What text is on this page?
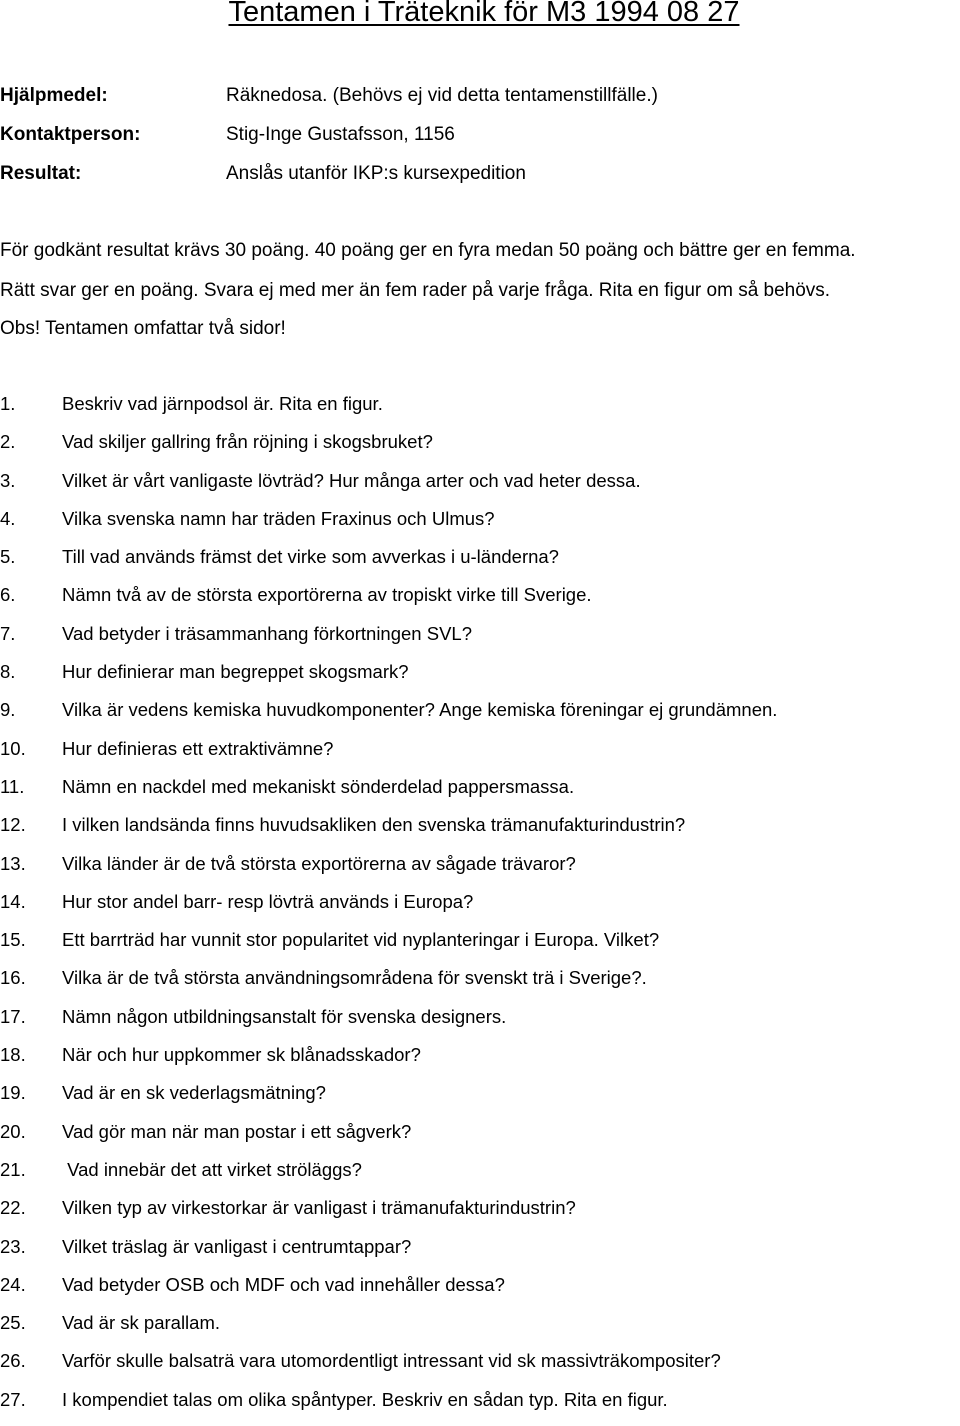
Tentamen i Träteknik för M3 1994 08 27
Hjälpmedel:	Räknedosa. (Behövs ej vid detta tentamenstillfälle.)
Kontaktperson:	Stig-Inge Gustafsson, 1156
Resultat:	Anslås utanför IKP:s kursexpedition
För godkänt resultat krävs 30 poäng. 40 poäng ger en fyra medan 50 poäng och bättre ger en femma.
Rätt svar ger en poäng. Svara ej med mer än fem rader på varje fråga. Rita en figur om så behövs.
Obs! Tentamen omfattar två sidor!
1.	Beskriv vad järnpodsol är. Rita en figur.
2.	Vad skiljer gallring från röjning i skogsbruket?
3.	Vilket är vårt vanligaste lövträd? Hur många arter och vad heter dessa.
4.	Vilka svenska namn har träden Fraxinus och Ulmus?
5.	Till vad används främst det virke som avverkas i u-länderna?
6.	Nämn två av de största exportörerna av tropiskt virke till Sverige.
7.	Vad betyder i träsammanhang förkortningen SVL?
8.	Hur definierar man begreppet skogsmark?
9.	Vilka är vedens kemiska huvudkomponenter? Ange kemiska föreningar ej grundämnen.
10. Hur definieras ett extraktivämne?
11. Nämn en nackdel med mekaniskt sönderdelad pappersmassa.
12. I vilken landsända finns huvudsakliken den svenska trämanufakturindustrin?
13. Vilka länder är de två största exportörerna av sågade trävaror?
14. Hur stor andel barr- resp lövträ används i Europa?
15. Ett barrträd har vunnit stor popularitet vid nyplanteringar i Europa. Vilket?
16. Vilka är de två största användningsområdena för svenskt trä i Sverige?.
17. Nämn någon utbildningsanstalt för svenska designers.
18. När och hur uppkommer sk blånadsskador?
19. Vad är en sk vederlagsmätning?
20. Vad gör man när man postar i ett sågverk?
21. Vad innebär det att virket ströläggs?
22. Vilken typ av virkestorkar är vanligast i trämanufakturindustrin?
23. Vilket träslag är vanligast i centrumtappar?
24. Vad betyder OSB och MDF och vad innehåller dessa?
25. Vad är sk parallam.
26. Varför skulle balsaträ vara utomordentligt intressant vid sk massivträkompositer?
27. I kompendiet talas om olika spåntyper. Beskriv en sådan typ. Rita en figur.
